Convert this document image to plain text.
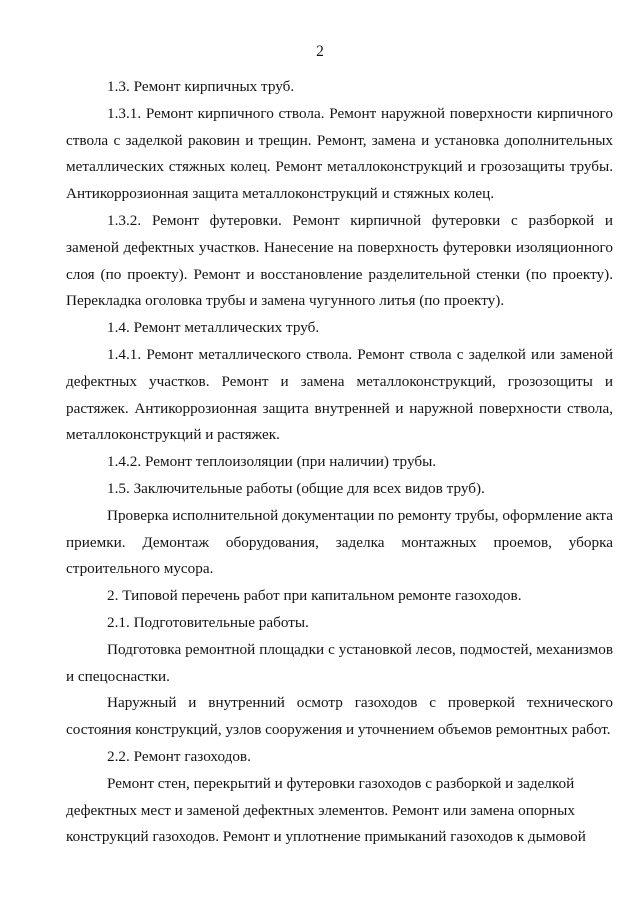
2

1.3. Ремонт кирпичных труб.

1.3.1. Ремонт кирпичного ствола. Ремонт наружной поверхности кирпичного ствола с заделкой раковин и трещин. Ремонт, замена и установка дополнительных металлических стяжных колец. Ремонт металлоконструкций и грозозащиты трубы. Антикоррозионная защита металлоконструкций и стяжных колец.

1.3.2. Ремонт футеровки. Ремонт кирпичной футеровки с разборкой и заменой дефектных участков. Нанесение на поверхность футеровки изоляционного слоя (по проекту). Ремонт и восстановление разделительной стенки (по проекту). Перекладка оголовка трубы и замена чугунного литья (по проекту).

1.4. Ремонт металлических труб.

1.4.1. Ремонт металлического ствола. Ремонт ствола с заделкой или заменой дефектных участков. Ремонт и замена металлоконструкций, грозозощиты и растяжек. Антикоррозионная защита внутренней и наружной поверхности ствола, металлоконструкций и растяжек.

1.4.2. Ремонт теплоизоляции (при наличии) трубы.

1.5. Заключительные работы (общие для всех видов труб).

Проверка исполнительной документации по ремонту трубы, оформление акта приемки. Демонтаж оборудования, заделка монтажных проемов, уборка строительного мусора.

2. Типовой перечень работ при капитальном ремонте газоходов.

2.1. Подготовительные работы.

Подготовка ремонтной площадки с установкой лесов, подмостей, механизмов и спецоснастки.

Наружный и внутренний осмотр газоходов с проверкой технического состояния конструкций, узлов сооружения и уточнением объемов ремонтных работ.

2.2. Ремонт газоходов.

Ремонт стен, перекрытий и футеровки газоходов с разборкой и заделкой дефектных мест и заменой дефектных элементов. Ремонт или замена опорных конструкций газоходов. Ремонт и уплотнение примыканий газоходов к дымовой
